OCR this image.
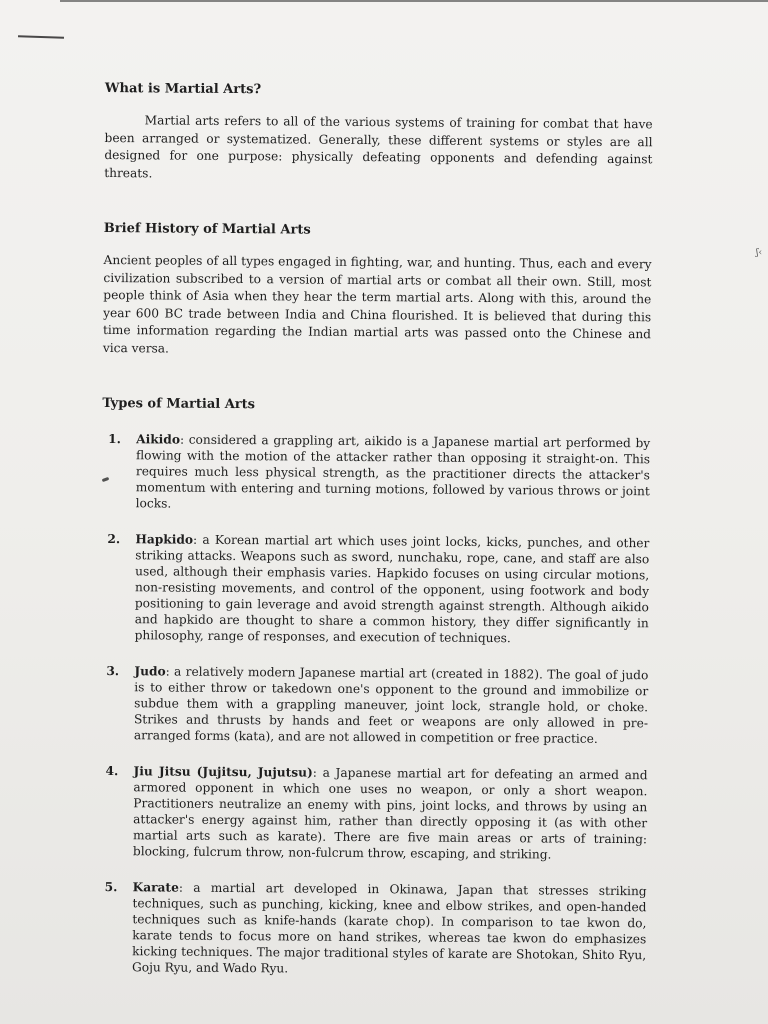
ʃ‹
What is Martial Arts?

Martial arts refers to all of the various systems of training for combat that have been arranged or systematized. Generally, these different systems or styles are all designed for one purpose: physically defeating opponents and defending against threats.

Brief History of Martial Arts

Ancient peoples of all types engaged in fighting, war, and hunting. Thus, each and every civilization subscribed to a version of martial arts or combat all their own. Still, most people think of Asia when they hear the term martial arts. Along with this, around the year 600 BC trade between India and China flourished. It is believed that during this time information regarding the Indian martial arts was passed onto the Chinese and vica versa.

Types of Martial Arts
1. Aikido: considered a grappling art, aikido is a Japanese martial art performed by flowing with the motion of the attacker rather than opposing it straight-on. This requires much less physical strength, as the practitioner directs the attacker's momentum with entering and turning motions, followed by various throws or joint locks.
2. Hapkido: a Korean martial art which uses joint locks, kicks, punches, and other striking attacks. Weapons such as sword, nunchaku, rope, cane, and staff are also used, although their emphasis varies. Hapkido focuses on using circular motions, non-resisting movements, and control of the opponent, using footwork and body positioning to gain leverage and avoid strength against strength. Although aikido and hapkido are thought to share a common history, they differ significantly in philosophy, range of responses, and execution of techniques.
3. Judo: a relatively modern Japanese martial art (created in 1882). The goal of judo is to either throw or takedown one's opponent to the ground and immobilize or subdue them with a grappling maneuver, joint lock, strangle hold, or choke. Strikes and thrusts by hands and feet or weapons are only allowed in pre-arranged forms (kata), and are not allowed in competition or free practice.
4. Jiu Jitsu (Jujitsu, Jujutsu): a Japanese martial art for defeating an armed and armored opponent in which one uses no weapon, or only a short weapon. Practitioners neutralize an enemy with pins, joint locks, and throws by using an attacker's energy against him, rather than directly opposing it (as with other martial arts such as karate). There are five main areas or arts of training: blocking, fulcrum throw, non-fulcrum throw, escaping, and striking.
5. Karate: a martial art developed in Okinawa, Japan that stresses striking techniques, such as punching, kicking, knee and elbow strikes, and open-handed techniques such as knife-hands (karate chop). In comparison to tae kwon do, karate tends to focus more on hand strikes, whereas tae kwon do emphasizes kicking techniques. The major traditional styles of karate are Shotokan, Shito Ryu, Goju Ryu, and Wado Ryu.
